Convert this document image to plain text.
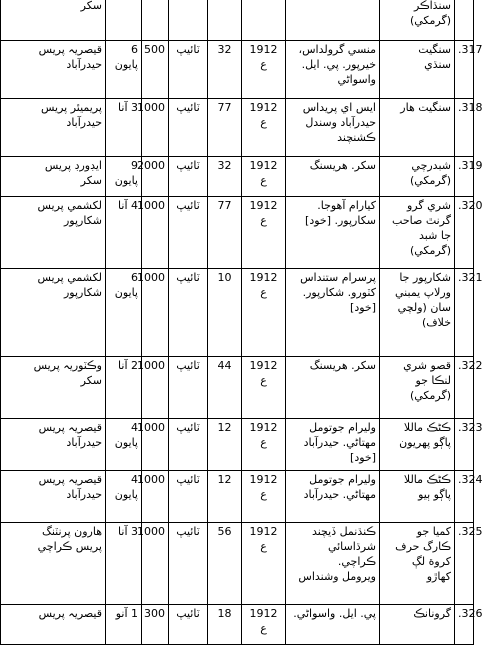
	سنڌاڪر
(گرمکي)							سکر

.317	سنگيت
سنڌي	منسي گرولداس،
خيرپور. پي. ايل.
واسواڻي	1912 ع	32	ٽائيپ	500	6 پايون	قيصريہ پريس
حيدرآباد

.318	سنگيت هار	ايس اي پريداس
حيدرآباد وسندل
ڪشنچند	1912 ع	77	ٽائيپ	1000	3 آنا	پريميئر پريس
حيدرآباد

.319	شبدرچي
(گرمکي)	سکر. هريسنگ	1912 ع	32	ٽائيپ	2000	9 پايون	ايڊورڊ پريس
سکر

.320	شري گرو
گرنٿ صاحب
جا شبد
(گرمکي)	کيارام آهوجا.
سکارپور. [خود]	1912 ع	77	ٽائيپ	1000	4 آنا	لکشمي پريس
شکارپور

.321	شکارپور جا
ورلاپ يمبني
سان (ولچي
خلاف)	پرسرام ستنداس
کٽورو. شکارپور.
[خود]	1912 ع	10	ٽائيپ	1000	6 پايون	لکشمي پريس
شکارپور

.322	قصو شري
لنڪا جو
(گرمکي)	سکر. هريسنگ	1912 ع	44	ٽائيپ	1000	2 آنا	وڪٽوريہ پريس
سکر

.323	ڪڻڪ ماللا
پاڳو پهريون	وليرام جوتومل
مهتاڻي. حيدرآباد
[خود]	1912 ع	12	ٽائيپ	1000	4 پايون	قيصريہ پريس
حيدرآباد

.324	ڪڻڪ ماللا
پاڳو ٻيو	وليرام جوتومل
مهتاڻي. حيدرآباد	1912 ع	12	ٽائيپ	1000	4 پايون	قيصريہ پريس
حيدرآباد

.325	کميا جو
ڪارگ حرف
کروة لڳ
کهاڙو	ڪنڌنمل ڏيچند
شرڌاسائي ڪراچي.
ويرومل وشنداس	1912 ع	56	ٽائيپ	1000	3 آنا	هارون پرنٽنگ
پريس ڪراچي

.326	گرونانڪ	پي. ايل. واسواڻي.	1912 ع	18	ٽائيپ	300	1 آنو	قيصريہ پريس
